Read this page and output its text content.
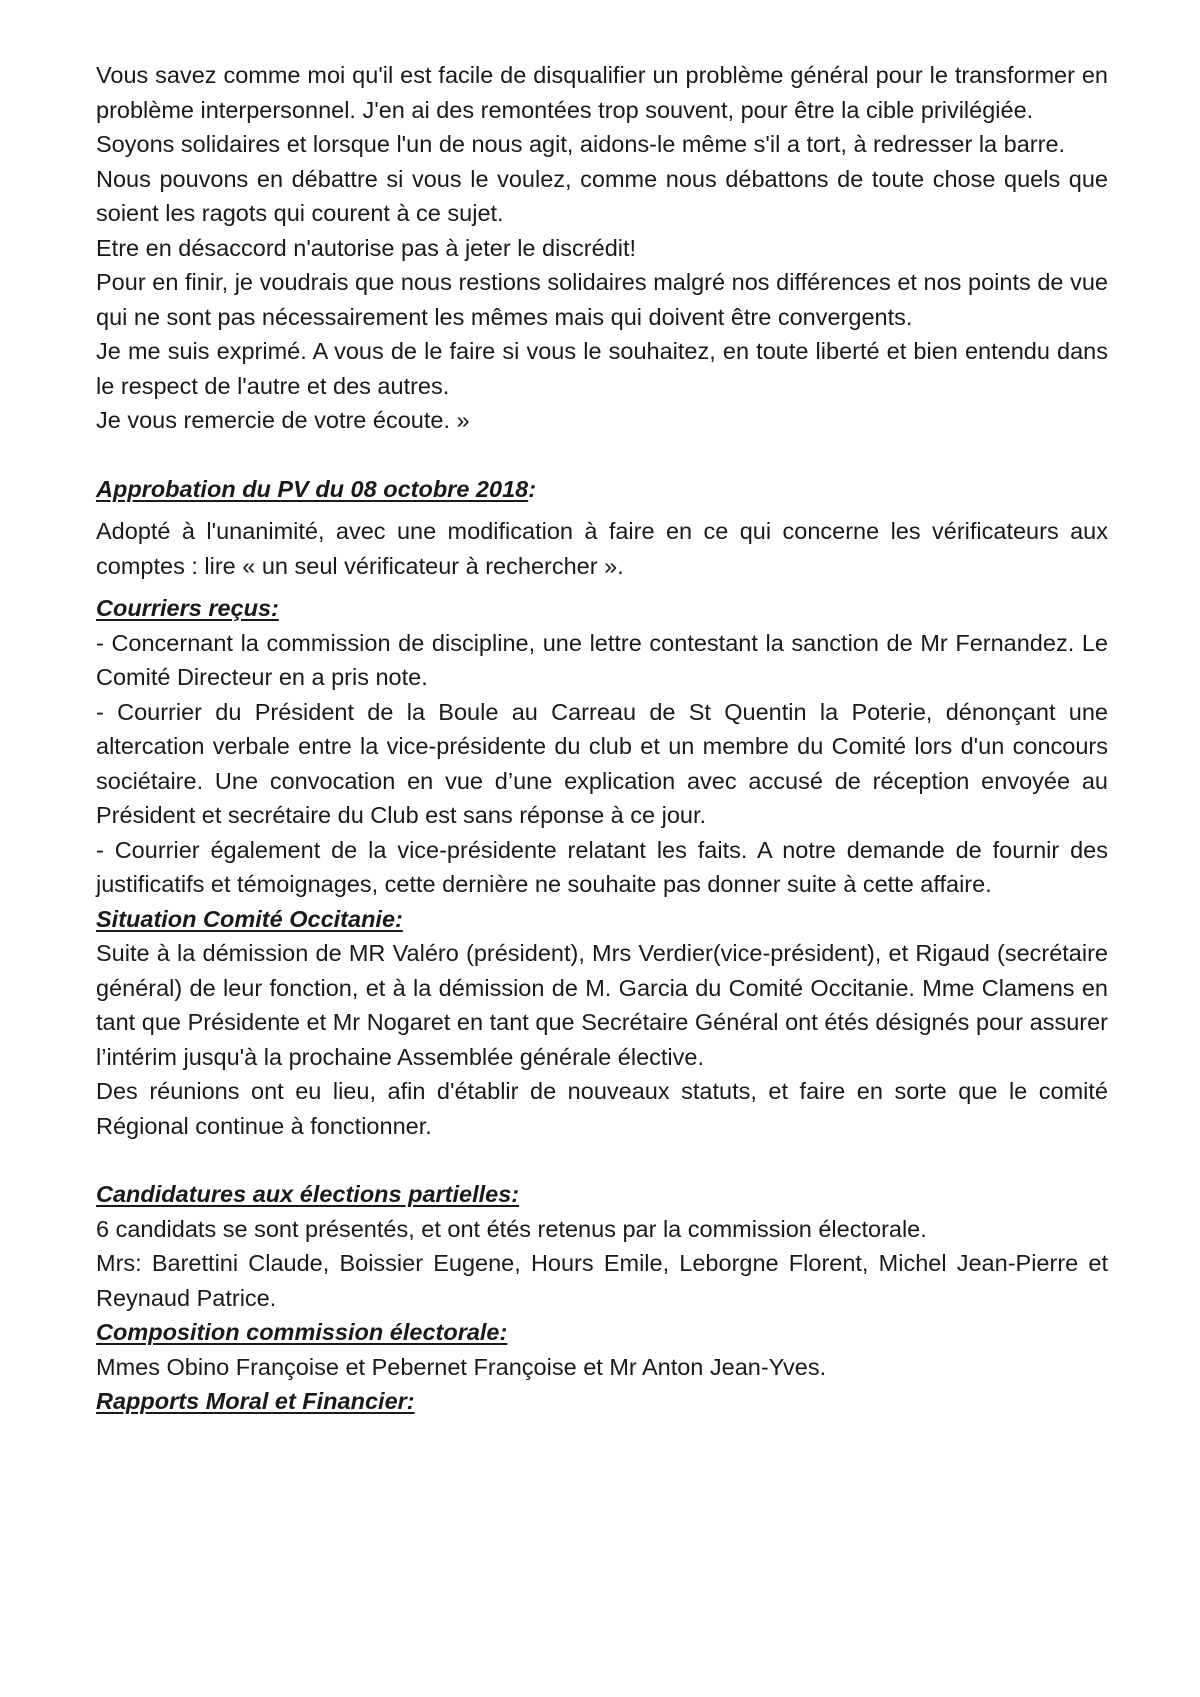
Vous savez comme moi qu'il est facile de disqualifier un problème général pour le transformer en problème interpersonnel. J'en ai des remontées trop souvent, pour être la cible privilégiée.

Soyons solidaires et lorsque l'un de nous agit, aidons-le même s'il a tort, à redresser la barre.

Nous pouvons en débattre si vous le voulez, comme nous débattons de toute chose quels que soient les ragots qui courent à ce sujet.

Etre en désaccord n'autorise pas à jeter le discrédit!

Pour en finir, je voudrais que nous restions solidaires malgré nos différences et nos points de vue qui ne sont pas nécessairement les mêmes mais qui doivent être convergents.

Je me suis exprimé. A vous de le faire si vous le souhaitez, en toute liberté et bien entendu dans le respect de l'autre et des autres.

Je vous remercie de votre écoute. »

Approbation du PV du 08 octobre 2018:

Adopté à l'unanimité, avec une modification à faire en ce qui concerne les vérificateurs aux comptes : lire « un seul vérificateur à rechercher ».

Courriers reçus:

- Concernant la commission de discipline, une lettre contestant la sanction de Mr Fernandez. Le Comité Directeur en a pris note.

- Courrier du Président de la Boule au Carreau de St Quentin la Poterie, dénonçant une altercation verbale entre la vice-présidente du club et un membre du Comité lors d'un concours sociétaire. Une convocation en vue d’une explication avec accusé de réception envoyée au Président et secrétaire du Club est sans réponse à ce jour.

- Courrier également de la vice-présidente relatant les faits. A notre demande de fournir des justificatifs et témoignages, cette dernière ne souhaite pas donner suite à cette affaire.

Situation Comité Occitanie:

Suite à la démission de MR Valéro (président), Mrs Verdier(vice-président), et Rigaud (secrétaire général) de leur fonction, et à la démission de M. Garcia du Comité Occitanie. Mme Clamens en tant que Présidente et Mr Nogaret en tant que Secrétaire Général ont étés désignés pour assurer l’intérim jusqu'à la prochaine Assemblée générale élective.

Des réunions ont eu lieu, afin d'établir de nouveaux statuts, et faire en sorte que le comité Régional continue à fonctionner.

Candidatures aux élections partielles:

6 candidats se sont présentés, et ont étés retenus par la commission électorale.

Mrs: Barettini Claude, Boissier Eugene, Hours Emile, Leborgne Florent, Michel Jean-Pierre et Reynaud Patrice.

Composition commission électorale:

Mmes Obino Françoise et Pebernet Françoise et Mr Anton Jean-Yves.

Rapports Moral et Financier:
